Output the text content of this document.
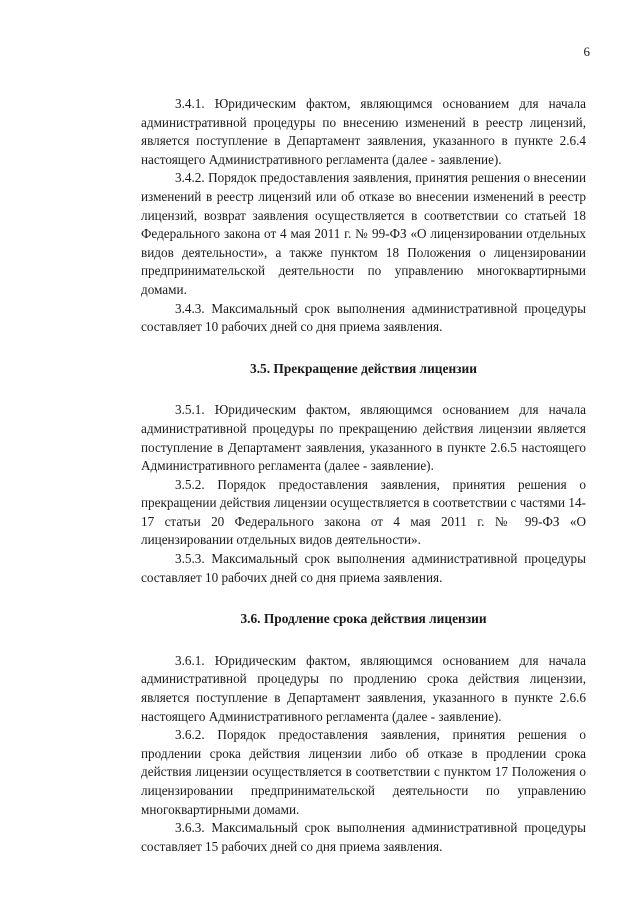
6

3.4.1. Юридическим фактом, являющимся основанием для начала административной процедуры по внесению изменений в реестр лицензий, является поступление в Департамент заявления, указанного в пункте 2.6.4 настоящего Административного регламента (далее - заявление).

3.4.2. Порядок предоставления заявления, принятия решения о внесении изменений в реестр лицензий или об отказе во внесении изменений в реестр лицензий, возврат заявления осуществляется в соответствии со статьей 18 Федерального закона от 4 мая 2011 г. № 99-ФЗ «О лицензировании отдельных видов деятельности», а также пунктом 18 Положения о лицензировании предпринимательской деятельности по управлению многоквартирными домами.

3.4.3. Максимальный срок выполнения административной процедуры составляет 10 рабочих дней со дня приема заявления.

3.5. Прекращение действия лицензии

3.5.1. Юридическим фактом, являющимся основанием для начала административной процедуры по прекращению действия лицензии является поступление в Департамент заявления, указанного в пункте 2.6.5 настоящего Административного регламента (далее - заявление).

3.5.2. Порядок предоставления заявления, принятия решения о прекращении действия лицензии осуществляется в соответствии с частями 14-17 статьи 20 Федерального закона от 4 мая 2011 г. № 99-ФЗ «О лицензировании отдельных видов деятельности».

3.5.3. Максимальный срок выполнения административной процедуры составляет 10 рабочих дней со дня приема заявления.

3.6. Продление срока действия лицензии

3.6.1. Юридическим фактом, являющимся основанием для начала административной процедуры по продлению срока действия лицензии, является поступление в Департамент заявления, указанного в пункте 2.6.6 настоящего Административного регламента (далее - заявление).

3.6.2. Порядок предоставления заявления, принятия решения о продлении срока действия лицензии либо об отказе в продлении срока действия лицензии осуществляется в соответствии с пунктом 17 Положения о лицензировании предпринимательской деятельности по управлению многоквартирными домами.

3.6.3. Максимальный срок выполнения административной процедуры составляет 15 рабочих дней со дня приема заявления.
